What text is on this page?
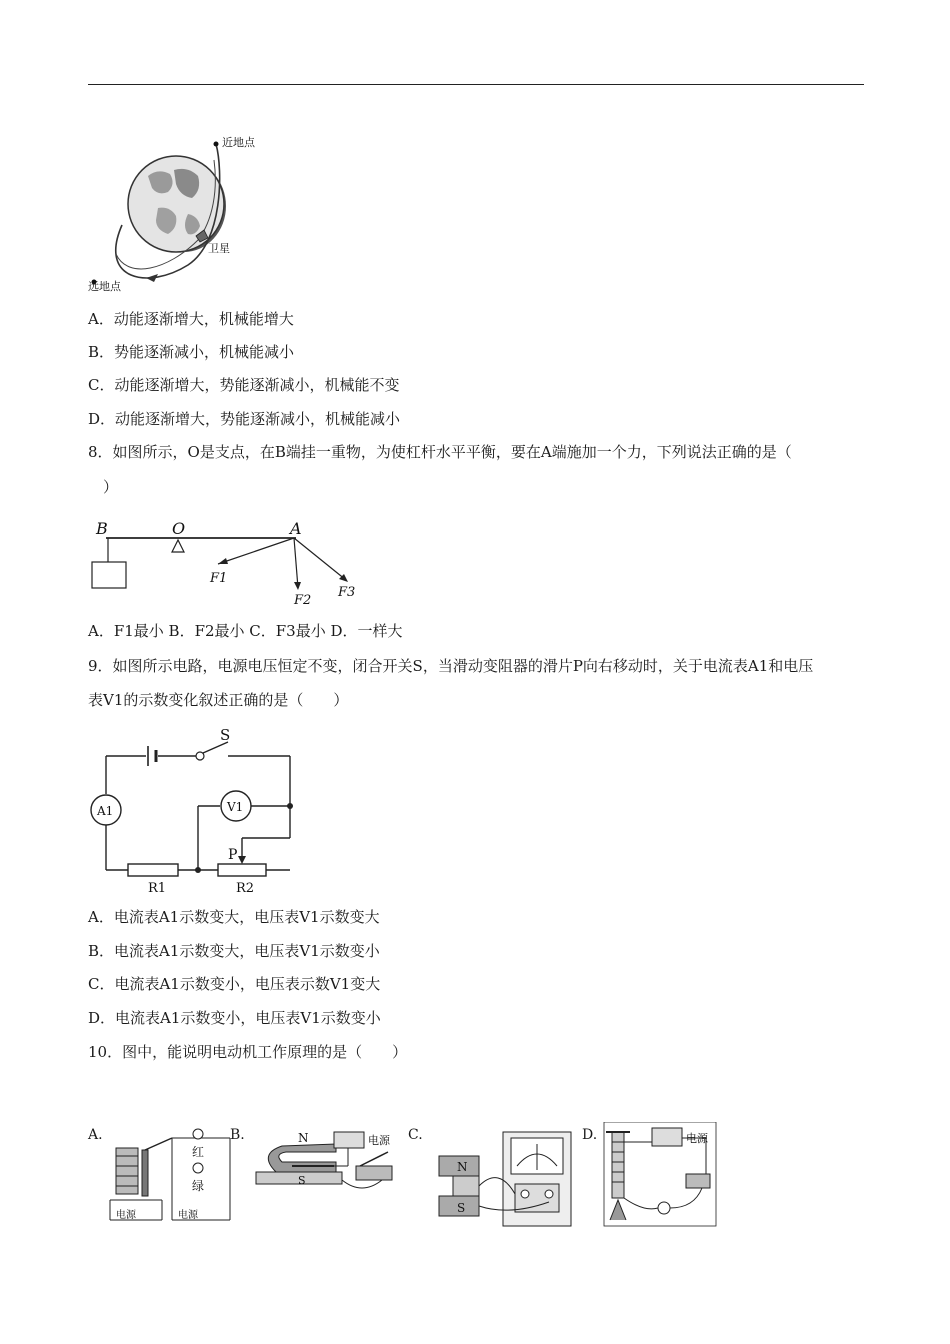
近地点
卫星
远地点
A．动能逐渐增大，机械能增大
B．势能逐渐减小，机械能减小
C．动能逐渐增大，势能逐渐减小，机械能不变
D．动能逐渐增大，势能逐渐减小，机械能减小
8．如图所示，O是支点，在B端挂一重物，为使杠杆水平平衡，要在A端施加一个力，下列说法正确的是（
　）
B	O	A
F1
F2
F3
A．F1最小 B．F2最小 C．F3最小 D．一样大
9．如图所示电路，电源电压恒定不变，闭合开关S，当滑动变阻器的滑片P向右移动时，关于电流表A1和电压
表V1的示数变化叙述正确的是（　　）
S
A1	V1
P
R1	R2
A．电流表A1示数变大，电压表V1示数变大
B．电流表A1示数变大，电压表V1示数变小
C．电流表A1示数变小，电压表示数V1变大
D．电流表A1示数变小，电压表V1示数变小
10．图中，能说明电动机工作原理的是（　　）
A.
电源	电源
红
绿
B.	N
S
电源 C.
N
S
D.	电源
